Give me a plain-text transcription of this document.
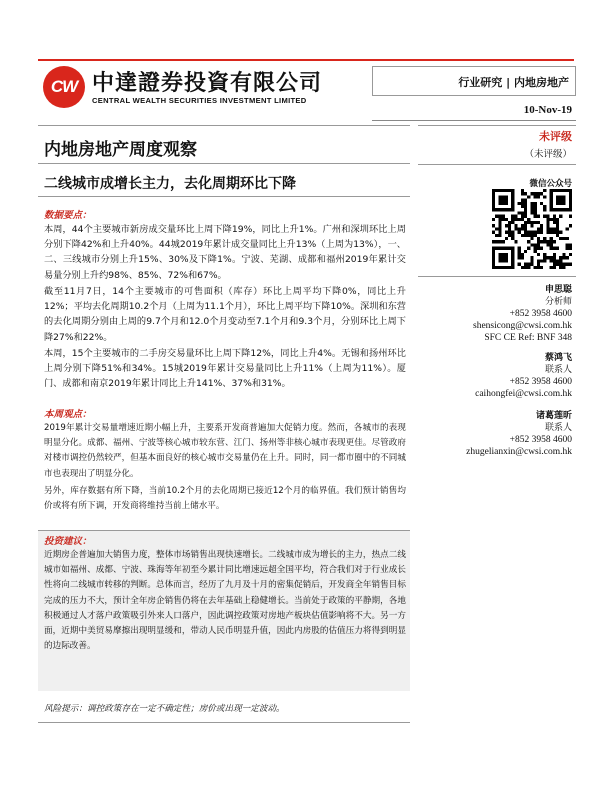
CW 中達證券投資有限公司
CENTRAL WEALTH SECURITIES INVESTMENT LIMITED
行业研究 | 内地房地产
10-Nov-19
内地房地产周度观察
二线城市成增长主力，去化周期环比下降
数据要点：
本周，44个主要城市新房成交量环比上周下降19%，同比上升1%。广州和深圳环比上周分别下降42%和上升40%。44城2019年累计成交量同比上升13%（上周为13%），一、二、三线城市分别上升15%、30%及下降1%。宁波、芜湖、成都和福州2019年累计交易量分别上升约98%、85%、72%和67%。
截至11月7日，14个主要城市的可售面积（库存）环比上周平均下降0%，同比上升12%；平均去化周期10.2个月（上周为11.1个月），环比上周平均下降10%。深圳和东营的去化周期分别由上周的9.7个月和12.0个月变动至7.1个月和9.3个月，分别环比上周下降27%和22%。
本周，15个主要城市的二手房交易量环比上周下降12%，同比上升4%。无锡和扬州环比上周分别下降51%和34%。15城2019年累计交易量同比上升11%（上周为11%）。厦门、成都和南京2019年累计同比上升141%、37%和31%。
本周观点：
2019年累计交易量增速近期小幅上升，主要系开发商普遍加大促销力度。然而，各城市的表现明显分化。成都、福州、宁波等核心城市较东营、江门、扬州等非核心城市表现更佳。尽管政府对楼市调控仍然较严，但基本面良好的核心城市交易量仍在上升。同时，同一都市圈中的不同城市也表现出了明显分化。
另外，库存数据有所下降，当前10.2个月的去化周期已接近12个月的临界值。我们预计销售均价或将有所下调，开发商将维持当前上储水平。
投资建议：
近期房企普遍加大销售力度，整体市场销售出现快速增长。二线城市成为增长的主力，热点二线城市如福州、成都、宁波、珠海等年初至今累计同比增速远超全国平均，符合我们对于行业成长性将向二线城市转移的判断。总体而言，经历了九月及十月的密集促销后，开发商全年销售目标完成的压力不大，预计全年房企销售仍将在去年基础上稳健增长。当前处于政策的平静期，各地积极通过人才落户政策吸引外来人口落户，因此调控政策对房地产板块估值影响将不大。另一方面，近期中美贸易摩擦出现明显缓和，带动人民币明显升值，因此内房股的估值压力将得到明显的边际改善。
风险提示：调控政策存在一定不确定性；房价或出现一定波动。
未评级
（未评级）
微信公众号
申思聪
分析师
+852 3958 4600
shensicong@cwsi.com.hk
SFC CE Ref: BNF 348
蔡鸿飞
联系人
+852 3958 4600
caihongfei@cwsi.com.hk
诸葛莲昕
联系人
+852 3958 4600
zhugelianxin@cwsi.com.hk
